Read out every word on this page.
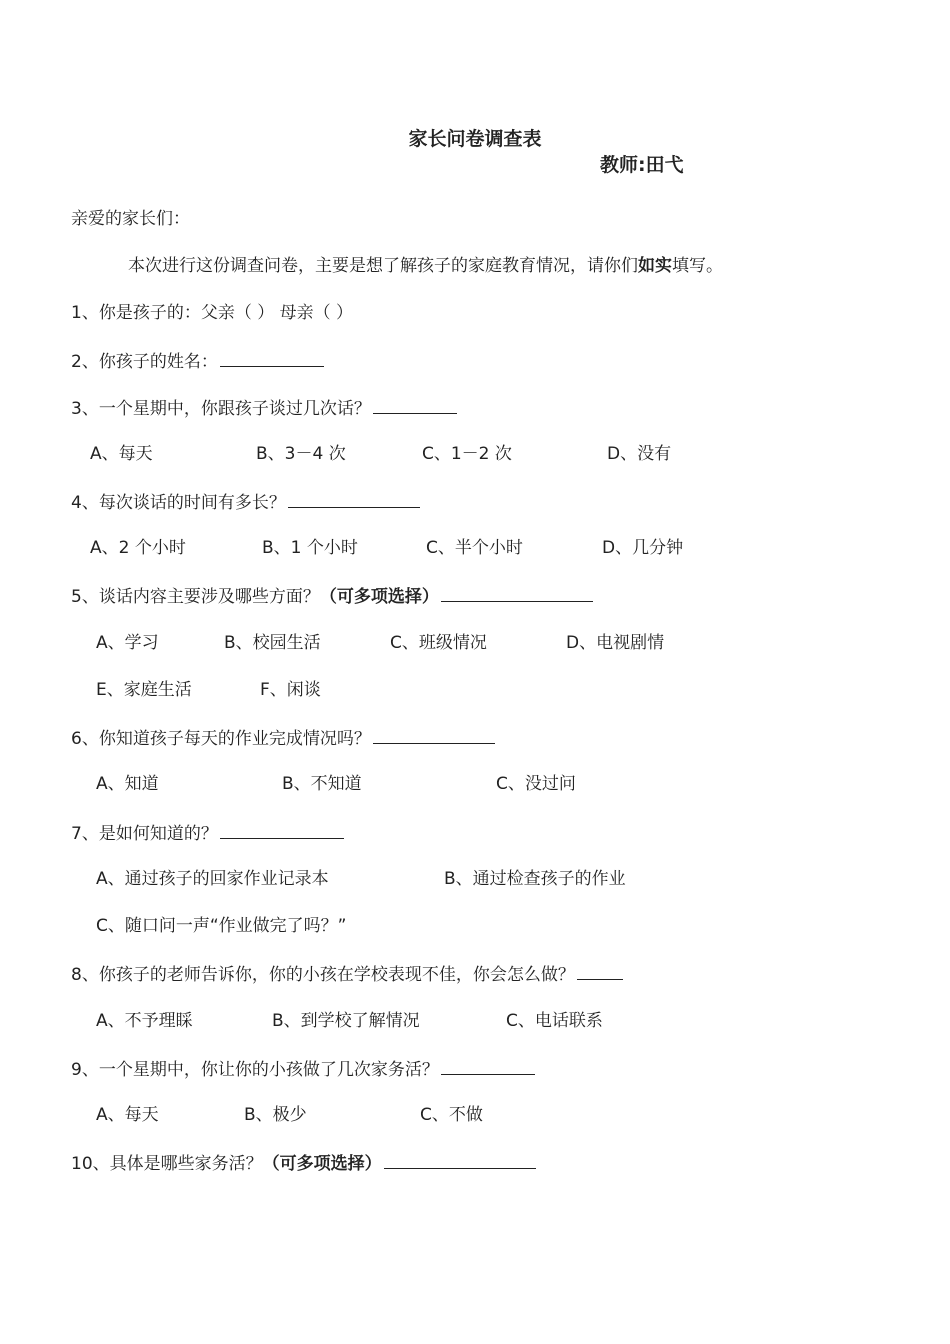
家长问卷调查表
教师:田弋
亲爱的家长们：
本次进行这份调查问卷，主要是想了解孩子的家庭教育情况，请你们如实填写。
1、你是孩子的：父亲（ ） 母亲（ ）
2、你孩子的姓名：
3、一个星期中，你跟孩子谈过几次话？
A、每天	B、3－4 次	C、1－2 次	D、没有
4、每次谈话的时间有多长？
A、2 个小时	B、1 个小时	C、半个小时	D、几分钟
5、谈话内容主要涉及哪些方面？（可多项选择）
A、学习	B、校园生活	C、班级情况	D、电视剧情
E、家庭生活	F、闲谈
6、你知道孩子每天的作业完成情况吗？
A、知道	B、不知道	C、没过问
7、是如何知道的？
A、通过孩子的回家作业记录本	B、通过检查孩子的作业
C、随口问一声“作业做完了吗？”
8、你孩子的老师告诉你，你的小孩在学校表现不佳，你会怎么做？
A、不予理睬	B、到学校了解情况	C、电话联系
9、一个星期中，你让你的小孩做了几次家务活？
A、每天	B、极少	C、不做
10、具体是哪些家务活？（可多项选择）
